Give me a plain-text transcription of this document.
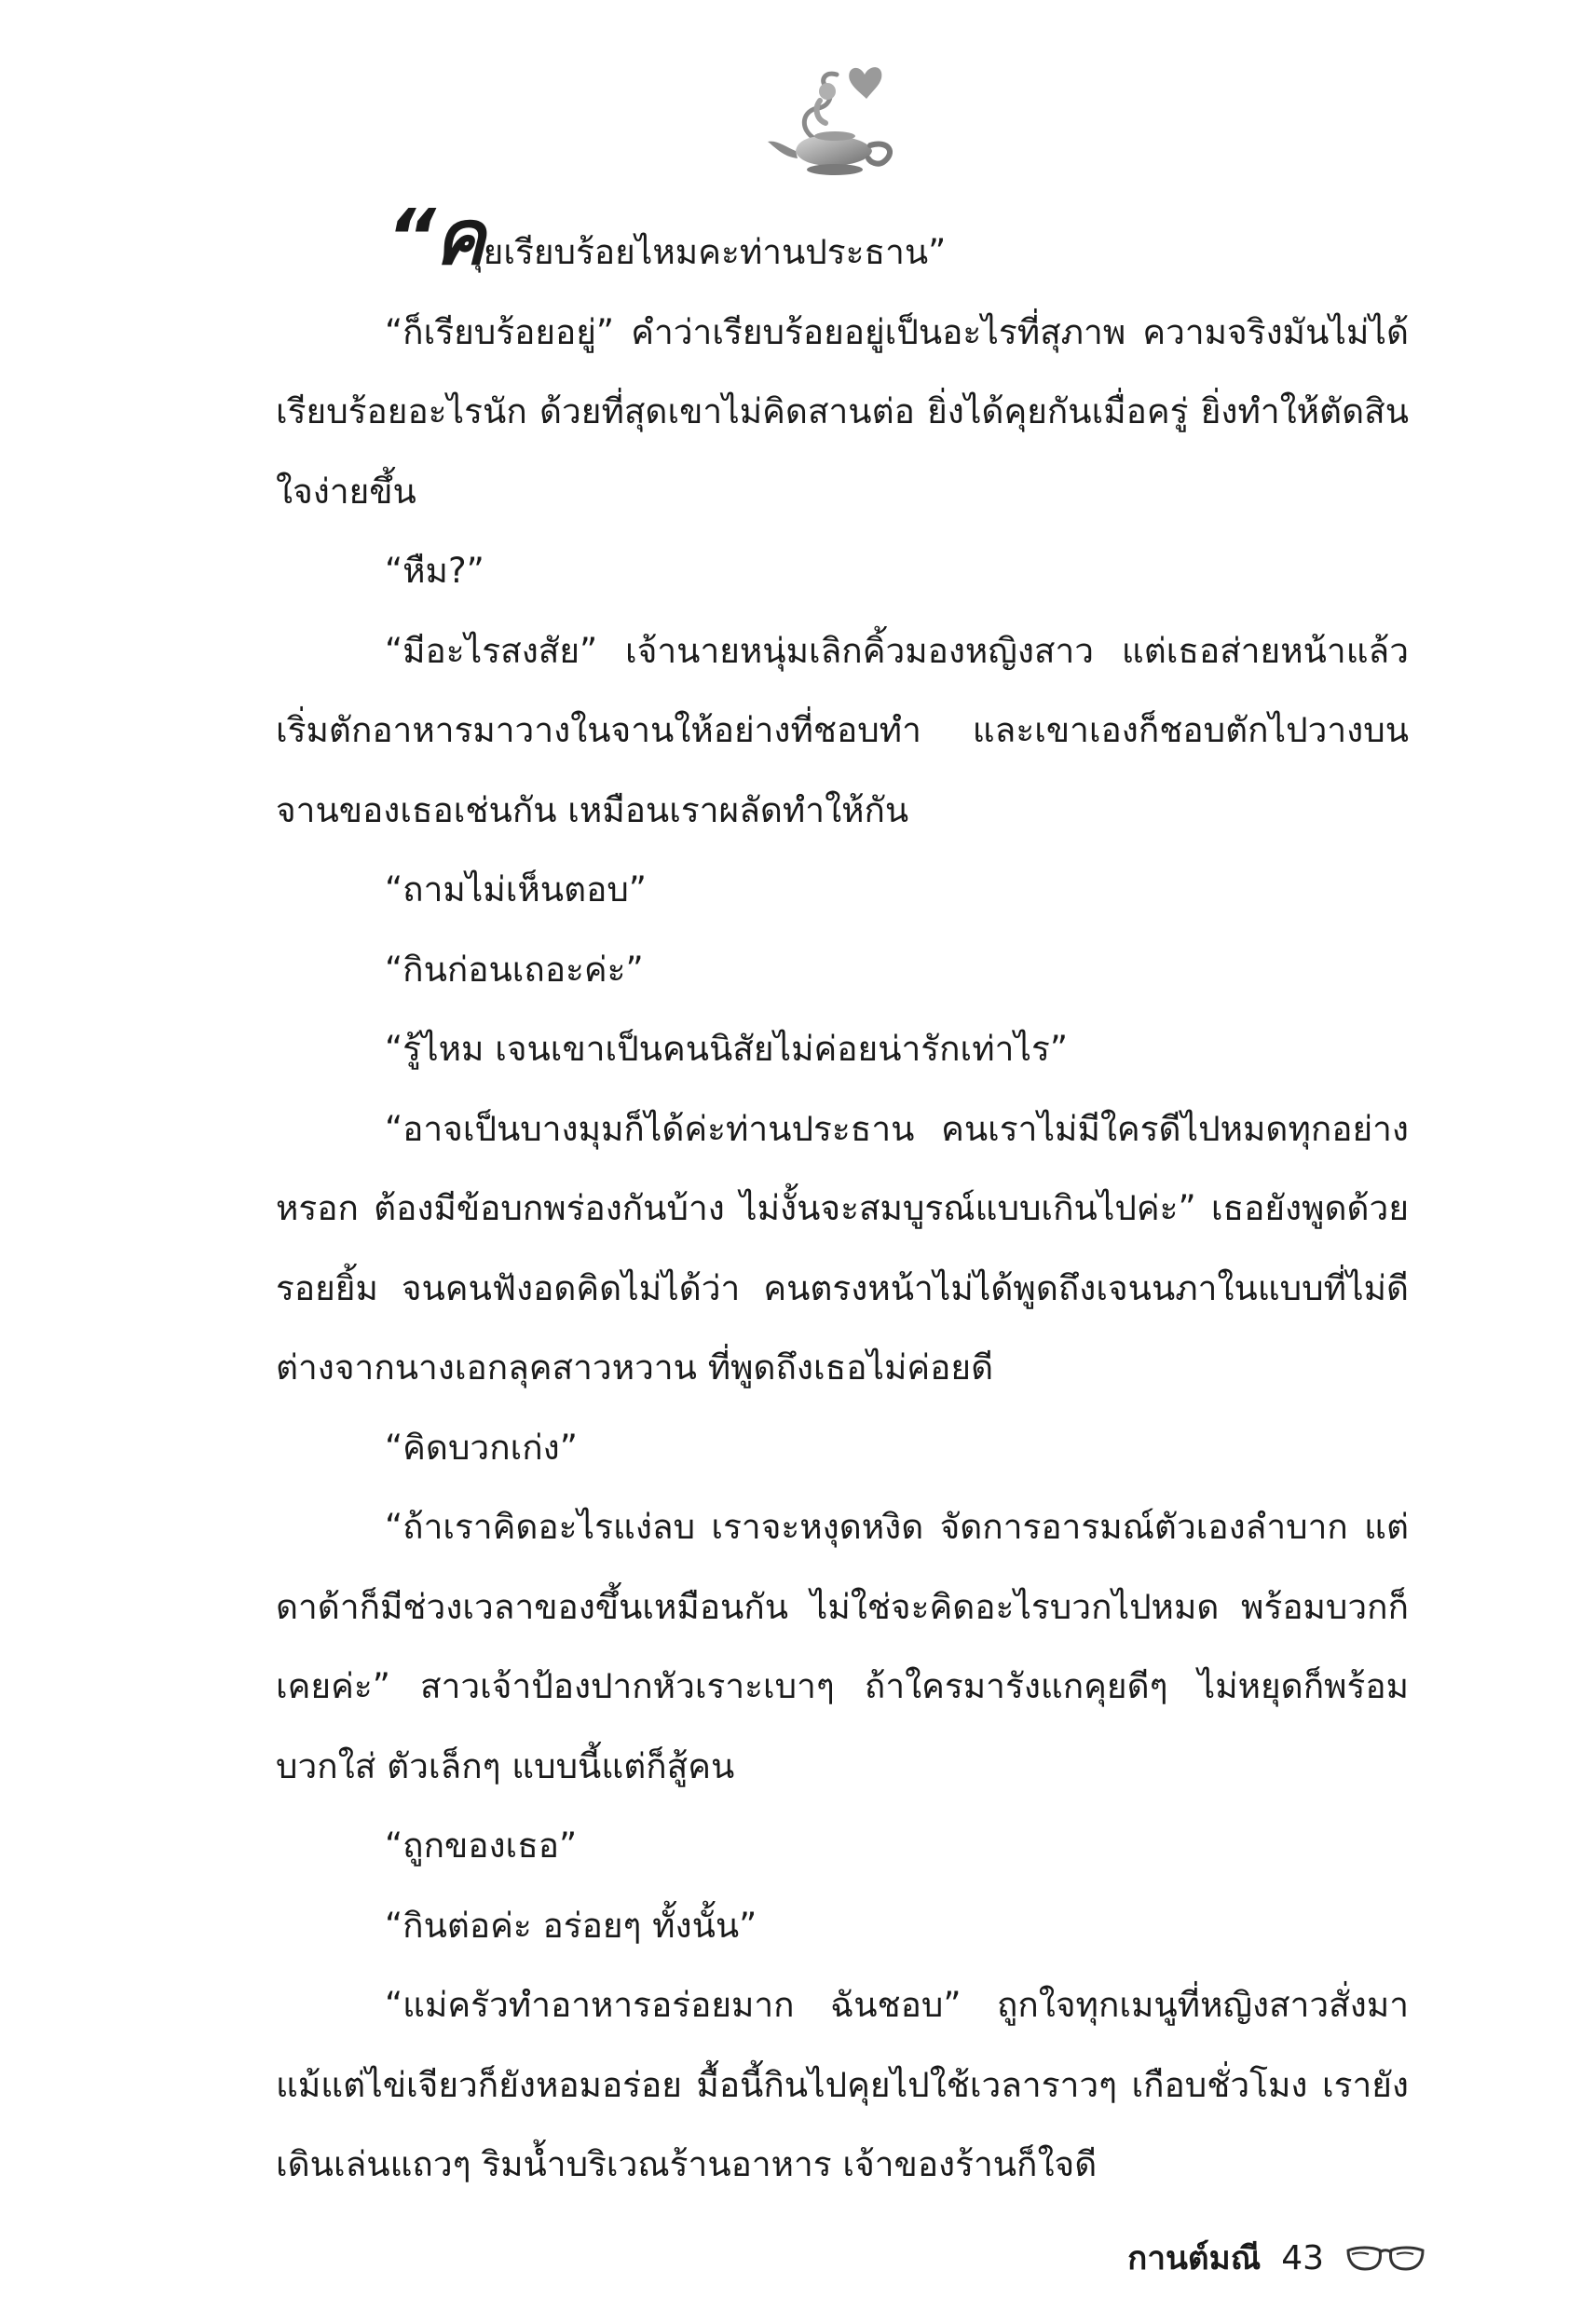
“คุยเรียบร้อยไหมคะท่านประธาน”

“ก็เรียบร้อยอยู่” คำว่าเรียบร้อยอยู่เป็นอะไรที่สุภาพ ความจริงมันไม่ได้เรียบร้อยอะไรนัก ด้วยที่สุดเขาไม่คิดสานต่อ ยิ่งได้คุยกันเมื่อครู่ ยิ่งทำให้ตัดสินใจง่ายขึ้น

“หืม?”

“มีอะไรสงสัย” เจ้านายหนุ่มเลิกคิ้วมองหญิงสาว แต่เธอส่ายหน้าแล้วเริ่มตักอาหารมาวางในจานให้อย่างที่ชอบทำ และเขาเองก็ชอบตักไปวางบนจานของเธอเช่นกัน เหมือนเราผลัดทำให้กัน

“ถามไม่เห็นตอบ”

“กินก่อนเถอะค่ะ”

“รู้ไหม เจนเขาเป็นคนนิสัยไม่ค่อยน่ารักเท่าไร”

“อาจเป็นบางมุมก็ได้ค่ะท่านประธาน คนเราไม่มีใครดีไปหมดทุกอย่างหรอก ต้องมีข้อบกพร่องกันบ้าง ไม่งั้นจะสมบูรณ์แบบเกินไปค่ะ” เธอยังพูดด้วยรอยยิ้ม จนคนฟังอดคิดไม่ได้ว่า คนตรงหน้าไม่ได้พูดถึงเจนนภาในแบบที่ไม่ดี ต่างจากนางเอกลุคสาวหวาน ที่พูดถึงเธอไม่ค่อยดี

“คิดบวกเก่ง”

“ถ้าเราคิดอะไรแง่ลบ เราจะหงุดหงิด จัดการอารมณ์ตัวเองลำบาก แต่ดาด้าก็มีช่วงเวลาของขึ้นเหมือนกัน ไม่ใช่จะคิดอะไรบวกไปหมด พร้อมบวกก็เคยค่ะ” สาวเจ้าป้องปากหัวเราะเบาๆ ถ้าใครมารังแกคุยดีๆ ไม่หยุดก็พร้อมบวกใส่ ตัวเล็กๆ แบบนี้แต่ก็สู้คน

“ถูกของเธอ”

“กินต่อค่ะ อร่อยๆ ทั้งนั้น”

“แม่ครัวทำอาหารอร่อยมาก ฉันชอบ” ถูกใจทุกเมนูที่หญิงสาวสั่งมา แม้แต่ไข่เจียวก็ยังหอมอร่อย มื้อนี้กินไปคุยไปใช้เวลาราวๆ เกือบชั่วโมง เรายังเดินเล่นแถวๆ ริมน้ำบริเวณร้านอาหาร เจ้าของร้านก็ใจดี

กานต์มณี 43
